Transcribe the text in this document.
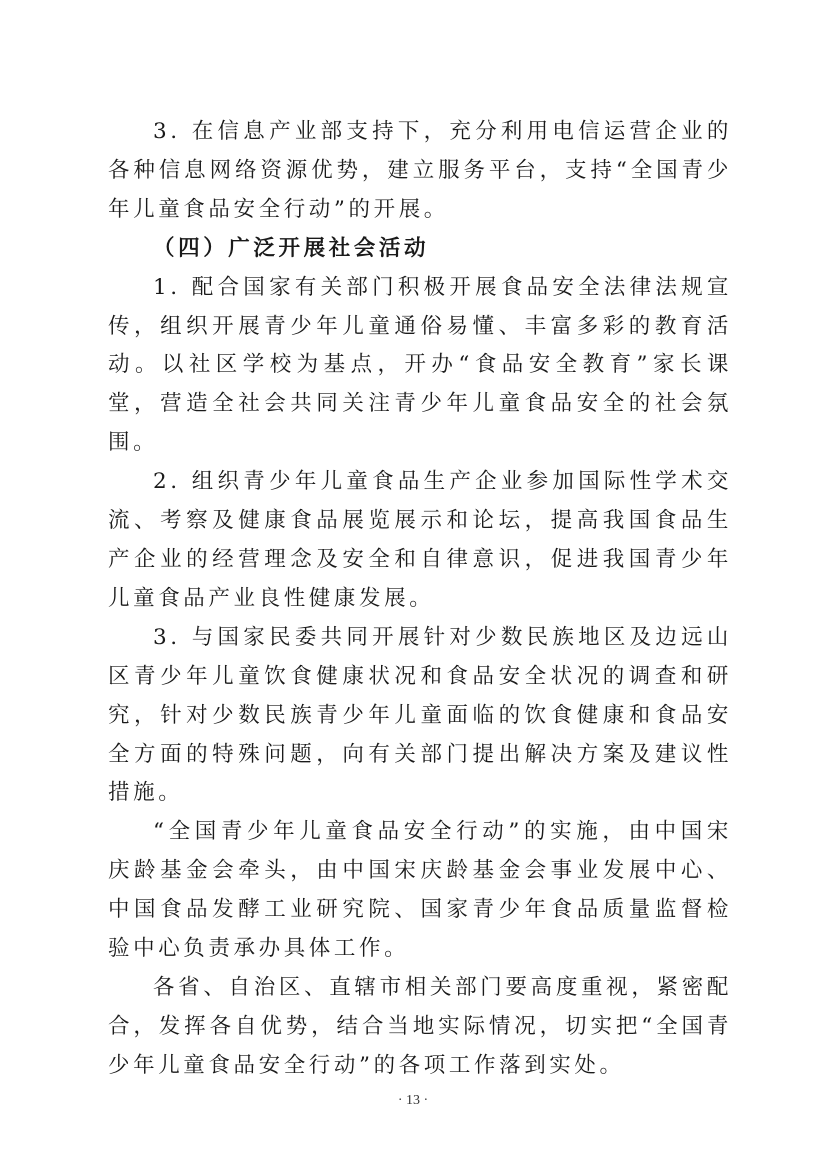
3. 在信息产业部支持下，充分利用电信运营企业的各种信息网络资源优势，建立服务平台，支持“全国青少年儿童食品安全行动”的开展。

（四）广泛开展社会活动

1. 配合国家有关部门积极开展食品安全法律法规宣传，组织开展青少年儿童通俗易懂、丰富多彩的教育活动。以社区学校为基点，开办“食品安全教育”家长课堂，营造全社会共同关注青少年儿童食品安全的社会氛围。

2. 组织青少年儿童食品生产企业参加国际性学术交流、考察及健康食品展览展示和论坛，提高我国食品生产企业的经营理念及安全和自律意识，促进我国青少年儿童食品产业良性健康发展。

3. 与国家民委共同开展针对少数民族地区及边远山区青少年儿童饮食健康状况和食品安全状况的调查和研究，针对少数民族青少年儿童面临的饮食健康和食品安全方面的特殊问题，向有关部门提出解决方案及建议性措施。

“全国青少年儿童食品安全行动”的实施，由中国宋庆龄基金会牵头，由中国宋庆龄基金会事业发展中心、中国食品发酵工业研究院、国家青少年食品质量监督检验中心负责承办具体工作。

各省、自治区、直辖市相关部门要高度重视，紧密配合，发挥各自优势，结合当地实际情况，切实把“全国青少年儿童食品安全行动”的各项工作落到实处。

· 13 ·
